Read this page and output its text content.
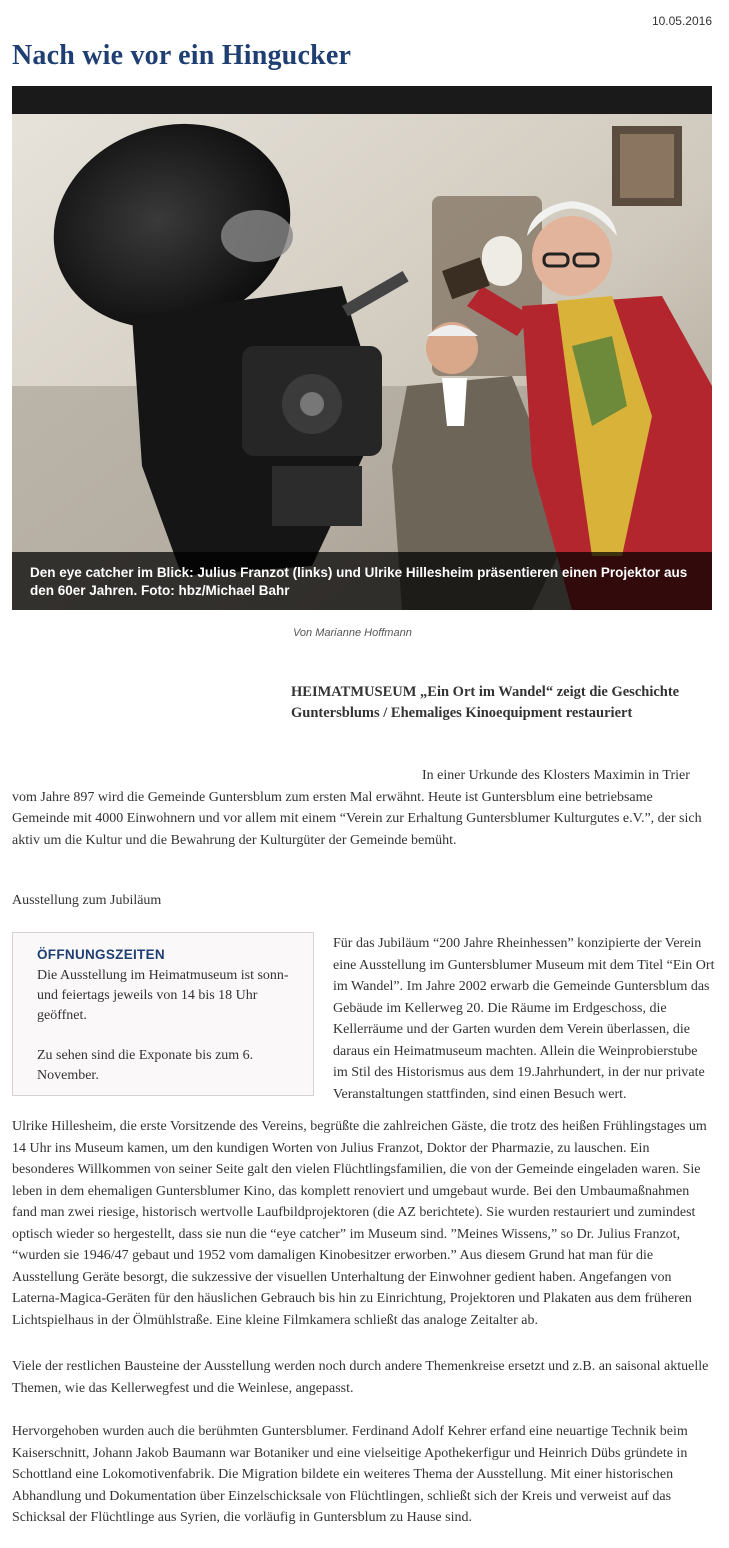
10.05.2016
Nach wie vor ein Hingucker
Den eye catcher im Blick: Julius Franzot (links) und Ulrike Hillesheim präsentieren einen Projektor aus den 60er Jahren. Foto: hbz/Michael Bahr
Von Marianne Hoffmann

HEIMATMUSEUM „Ein Ort im Wandel“ zeigt die Geschichte Guntersblums / Ehemaliges Kinoequipment restauriert

In einer Urkunde des Klosters Maximin in Trier vom Jahre 897 wird die Gemeinde Guntersblum zum ersten Mal erwähnt. Heute ist Guntersblum eine betriebsame Gemeinde mit 4000 Einwohnern und vor allem mit einem “Verein zur Erhaltung Guntersblumer Kulturgutes e.V.”, der sich aktiv um die Kultur und die Bewahrung der Kulturgüter der Gemeinde bemüht.

Ausstellung zum Jubiläum

ÖFFNUNGSZEITEN

Die Ausstellung im Heimatmuseum ist sonn- und feiertags jeweils von 14 bis 18 Uhr geöffnet.

Zu sehen sind die Exponate bis zum 6. November.

Für das Jubiläum “200 Jahre Rheinhessen” konzipierte der Verein eine Ausstellung im Guntersblumer Museum mit dem Titel “Ein Ort im Wandel”. Im Jahre 2002 erwarb die Gemeinde Guntersblum das Gebäude im Kellerweg 20. Die Räume im Erdgeschoss, die Kellerräume und der Garten wurden dem Verein überlassen, die daraus ein Heimatmuseum machten. Allein die Weinprobierstube im Stil des Historismus aus dem 19.Jahrhundert, in der nur private Veranstaltungen stattfinden, sind einen Besuch wert.

Ulrike Hillesheim, die erste Vorsitzende des Vereins, begrüßte die zahlreichen Gäste, die trotz des heißen Frühlingstages um 14 Uhr ins Museum kamen, um den kundigen Worten von Julius Franzot, Doktor der Pharmazie, zu lauschen. Ein besonderes Willkommen von seiner Seite galt den vielen Flüchtlingsfamilien, die von der Gemeinde eingeladen waren. Sie leben in dem ehemaligen Guntersblumer Kino, das komplett renoviert und umgebaut wurde. Bei den Umbaumaßnahmen fand man zwei riesige, historisch wertvolle Laufbildprojektoren (die AZ berichtete). Sie wurden restauriert und zumindest optisch wieder so hergestellt, dass sie nun die “eye catcher” im Museum sind. ”Meines Wissens,” so Dr. Julius Franzot, “wurden sie 1946/47 gebaut und 1952 vom damaligen Kinobesitzer erworben.” Aus diesem Grund hat man für die Ausstellung Geräte besorgt, die sukzessive der visuellen Unterhaltung der Einwohner gedient haben. Angefangen von Laterna-Magica-Geräten für den häuslichen Gebrauch bis hin zu Einrichtung, Projektoren und Plakaten aus dem früheren Lichtspielhaus in der Ölmühlstraße. Eine kleine Filmkamera schließt das analoge Zeitalter ab.

Viele der restlichen Bausteine der Ausstellung werden noch durch andere Themenkreise ersetzt und z.B. an saisonal aktuelle Themen, wie das Kellerwegfest und die Weinlese, angepasst.

Hervorgehoben wurden auch die berühmten Guntersblumer. Ferdinand Adolf Kehrer erfand eine neuartige Technik beim Kaiserschnitt, Johann Jakob Baumann war Botaniker und eine vielseitige Apothekerfigur und Heinrich Dübs gründete in Schottland eine Lokomotivenfabrik. Die Migration bildete ein weiteres Thema der Ausstellung. Mit einer historischen Abhandlung und Dokumentation über Einzelschicksale von Flüchtlingen, schließt sich der Kreis und verweist auf das Schicksal der Flüchtlinge aus Syrien, die vorläufig in Guntersblum zu Hause sind.
